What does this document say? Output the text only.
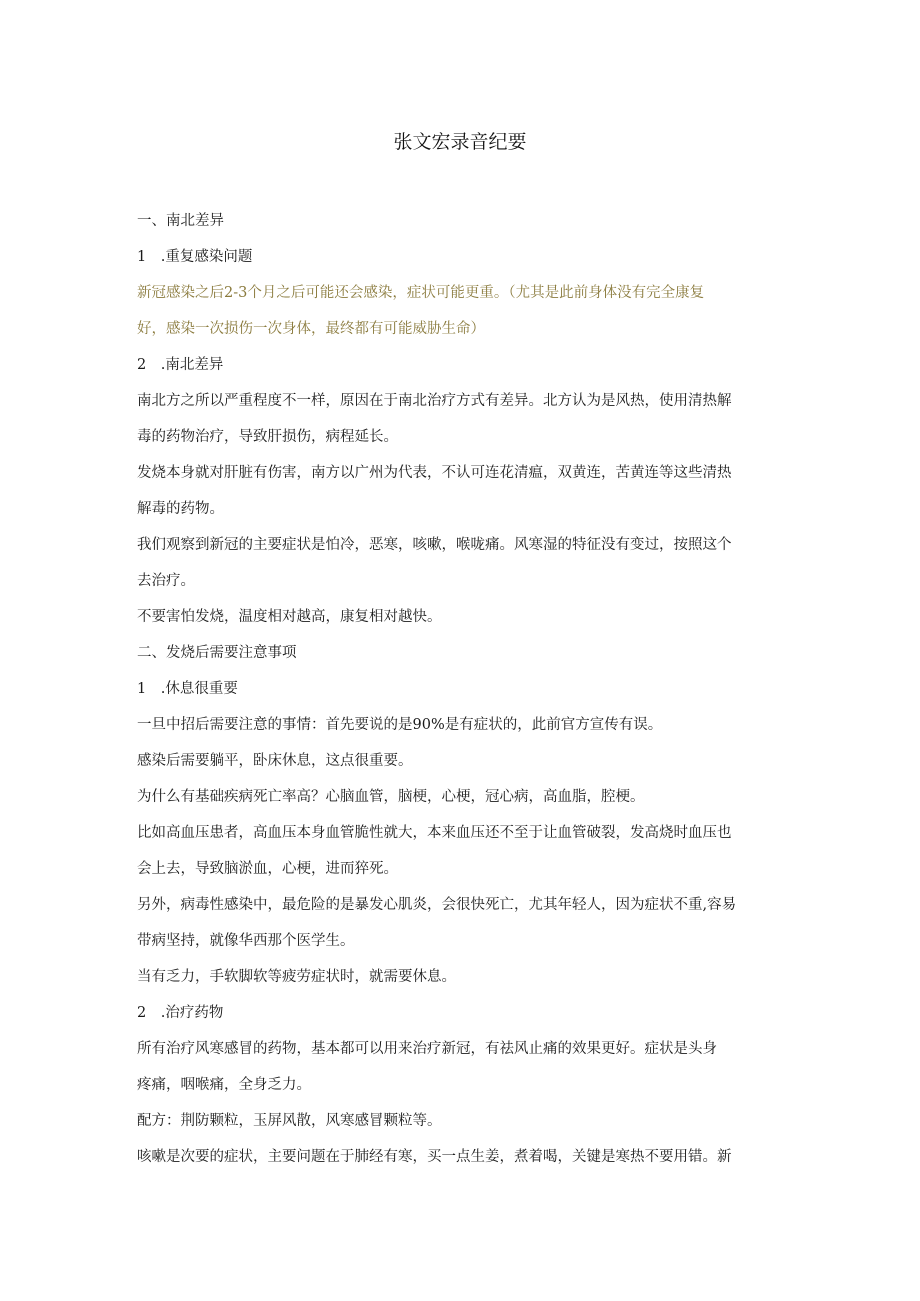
张文宏录音纪要

一、南北差异

1　.重复感染问题

新冠感染之后2-3个月之后可能还会感染，症状可能更重。（尤其是此前身体没有完全康复

好，感染一次损伤一次身体，最终都有可能威胁生命）

2　.南北差异

南北方之所以严重程度不一样，原因在于南北治疗方式有差异。北方认为是风热，使用清热解

毒的药物治疗，导致肝损伤，病程延长。

发烧本身就对肝脏有伤害，南方以广州为代表，不认可连花清瘟，双黄连，苦黄连等这些清热

解毒的药物。

我们观察到新冠的主要症状是怕冷，恶寒，咳嗽，喉咙痛。风寒湿的特征没有变过，按照这个

去治疗。

不要害怕发烧，温度相对越高，康复相对越快。

二、发烧后需要注意事项

1　.休息很重要

一旦中招后需要注意的事情：首先要说的是90%是有症状的，此前官方宣传有误。

感染后需要躺平，卧床休息，这点很重要。

为什么有基础疾病死亡率高？心脑血管，脑梗，心梗，冠心病，高血脂，腔梗。

比如高血压患者，高血压本身血管脆性就大，本来血压还不至于让血管破裂，发高烧时血压也

会上去，导致脑淤血，心梗，进而猝死。

另外，病毒性感染中，最危险的是暴发心肌炎，会很快死亡，尤其年轻人，因为症状不重,容易

带病坚持，就像华西那个医学生。

当有乏力，手软脚软等疲劳症状时，就需要休息。

2　.治疗药物

所有治疗风寒感冒的药物，基本都可以用来治疗新冠，有祛风止痛的效果更好。症状是头身

疼痛，咽喉痛，全身乏力。

配方：荆防颗粒，玉屏风散，风寒感冒颗粒等。

咳嗽是次要的症状，主要问题在于肺经有寒，买一点生姜，煮着喝，关键是寒热不要用错。新
